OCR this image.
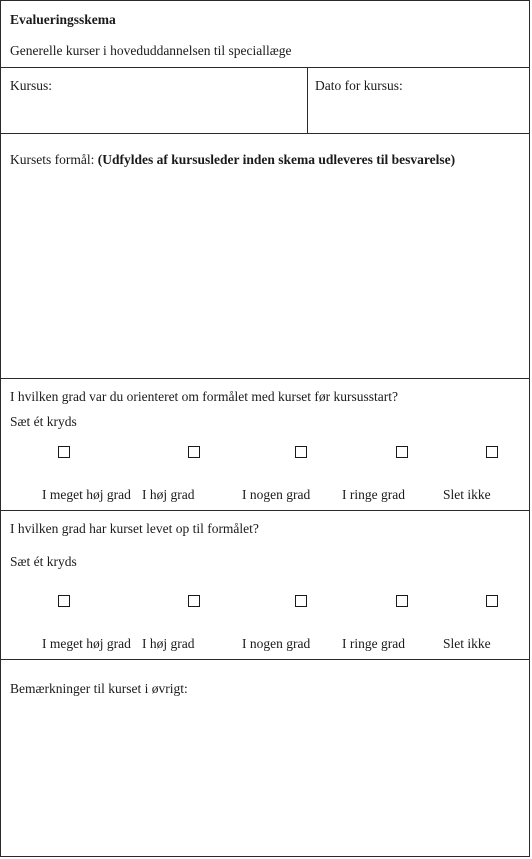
Evalueringsskema
Generelle kurser i hoveduddannelsen til speciallæge
Kursus:	Dato for kursus:
Kursets formål: (Udfyldes af kursusleder inden skema udleveres til besvarelse)
I hvilken grad var du orienteret om formålet med kurset før kursusstart?
Sæt ét kryds
I meget høj grad I høj grad	I nogen grad I ringe grad	Slet ikke
I hvilken grad har kurset levet op til formålet?
Sæt ét kryds
I meget høj grad I høj grad	I nogen grad I ringe grad	Slet ikke
Bemærkninger til kurset i øvrigt:
